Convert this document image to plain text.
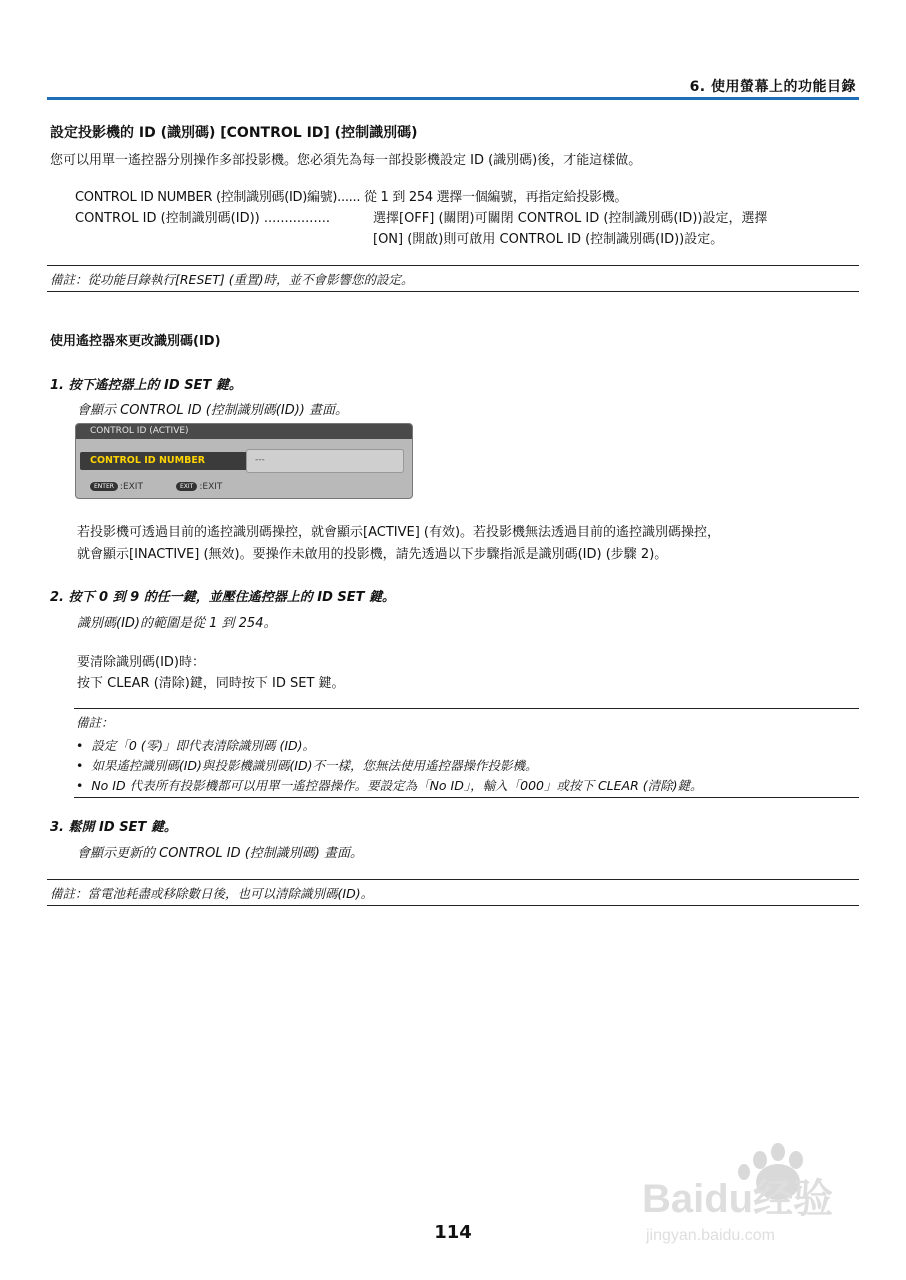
6. 使用螢幕上的功能目錄
設定投影機的 ID (識別碼) [CONTROL ID] (控制識別碼)
您可以用單一遙控器分別操作多部投影機。您必須先為每一部投影機設定 ID (識別碼)後，才能這樣做。
CONTROL ID NUMBER (控制識別碼(ID)編號)...... 從 1 到 254 選擇一個編號，再指定給投影機。
CONTROL ID (控制識別碼(ID)) ................	選擇[OFF] (關閉)可關閉 CONTROL ID (控制識別碼(ID))設定，選擇
[ON] (開啟)則可啟用 CONTROL ID (控制識別碼(ID))設定。
備註：從功能目錄執行[RESET] (重置)時，並不會影響您的設定。
使用遙控器來更改識別碼(ID)
1. 按下遙控器上的 ID SET 鍵。
會顯示 CONTROL ID (控制識別碼(ID)) 畫面。
CONTROL ID (ACTIVE)
CONTROL ID NUMBER	---
ENTER :EXIT	EXIT :EXIT
若投影機可透過目前的遙控識別碼操控，就會顯示[ACTIVE] (有效)。若投影機無法透過目前的遙控識別碼操控，
就會顯示[INACTIVE] (無效)。要操作未啟用的投影機，請先透過以下步驟指派是識別碼(ID) (步驟 2)。
2. 按下 0 到 9 的任一鍵，並壓住遙控器上的 ID SET 鍵。
識別碼(ID)的範圍是從 1 到 254。
要清除識別碼(ID)時：
按下 CLEAR (清除)鍵，同時按下 ID SET 鍵。
備註：
•  設定「0 (零)」即代表清除識別碼 (ID)。
•  如果遙控識別碼(ID)與投影機識別碼(ID)不一樣，您無法使用遙控器操作投影機。
•  No ID 代表所有投影機都可以用單一遙控器操作。要設定為「No ID」，輸入「000」或按下 CLEAR (清除)鍵。
3. 鬆開 ID SET 鍵。
會顯示更新的 CONTROL ID (控制識別碼) 畫面。
備註：當電池耗盡或移除數日後，也可以清除識別碼(ID)。
114
Baidu经验
jingyan.baidu.com
